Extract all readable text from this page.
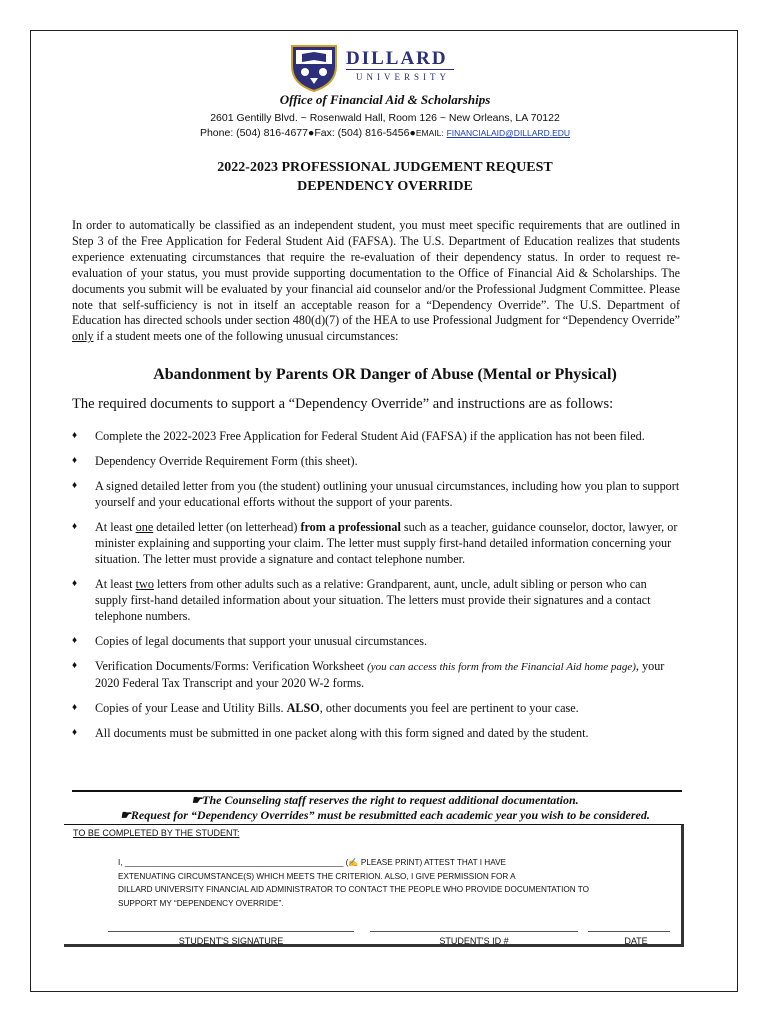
DILLARD
UNIVERSITY
Office of Financial Aid & Scholarships
2601 Gentilly Blvd. ~ Rosenwald Hall, Room 126 ~ New Orleans, LA 70122
Phone: (504) 816-4677●Fax: (504) 816-5456●EMAIL: FINANCIALAID@DILLARD.EDU
2022-2023 PROFESSIONAL JUDGEMENT REQUEST
DEPENDENCY OVERRIDE
In order to automatically be classified as an independent student, you must meet specific requirements that are outlined in Step 3 of the Free Application for Federal Student Aid (FAFSA). The U.S. Department of Education realizes that students experience extenuating circumstances that require the re-evaluation of their dependency status. In order to request re-evaluation of your status, you must provide supporting documentation to the Office of Financial Aid & Scholarships. The documents you submit will be evaluated by your financial aid counselor and/or the Professional Judgment Committee. Please note that self-sufficiency is not in itself an acceptable reason for a “Dependency Override”. The U.S. Department of Education has directed schools under section 480(d)(7) of the HEA to use Professional Judgment for “Dependency Override” only if a student meets one of the following unusual circumstances:
Abandonment by Parents OR Danger of Abuse (Mental or Physical)
The required documents to support a “Dependency Override” and instructions are as follows:
♦ Complete the 2022-2023 Free Application for Federal Student Aid (FAFSA) if the application has not been filed.
♦ Dependency Override Requirement Form (this sheet).
♦ A signed detailed letter from you (the student) outlining your unusual circumstances, including how you plan to support yourself and your educational efforts without the support of your parents.
♦ At least one detailed letter (on letterhead) from a professional such as a teacher, guidance counselor, doctor, lawyer, or minister explaining and supporting your claim. The letter must supply first-hand detailed information concerning your situation. The letter must provide a signature and contact telephone number.
♦ At least two letters from other adults such as a relative: Grandparent, aunt, uncle, adult sibling or person who can supply first-hand detailed information about your situation. The letters must provide their signatures and a contact telephone numbers.
♦ Copies of legal documents that support your unusual circumstances.
♦ Verification Documents/Forms: Verification Worksheet (you can access this form from the Financial Aid home page), your 2020 Federal Tax Transcript and your 2020 W-2 forms.
♦ Copies of your Lease and Utility Bills. ALSO, other documents you feel are pertinent to your case.
♦ All documents must be submitted in one packet along with this form signed and dated by the student.
☛The Counseling staff reserves the right to request additional documentation.
☛Request for “Dependency Overrides” must be resubmitted each academic year you wish to be considered.
TO BE COMPLETED BY THE STUDENT:
I, ________________________________________________ (✍ PLEASE PRINT) ATTEST THAT I HAVE
EXTENUATING CIRCUMSTANCE(S) WHICH MEETS THE CRITERION. ALSO, I GIVE PERMISSION FOR A
DILLARD UNIVERSITY FINANCIAL AID ADMINISTRATOR TO CONTACT THE PEOPLE WHO PROVIDE DOCUMENTATION TO
SUPPORT MY “DEPENDENCY OVERRIDE”.
STUDENT'S SIGNATURE	STUDENT'S ID #	DATE
